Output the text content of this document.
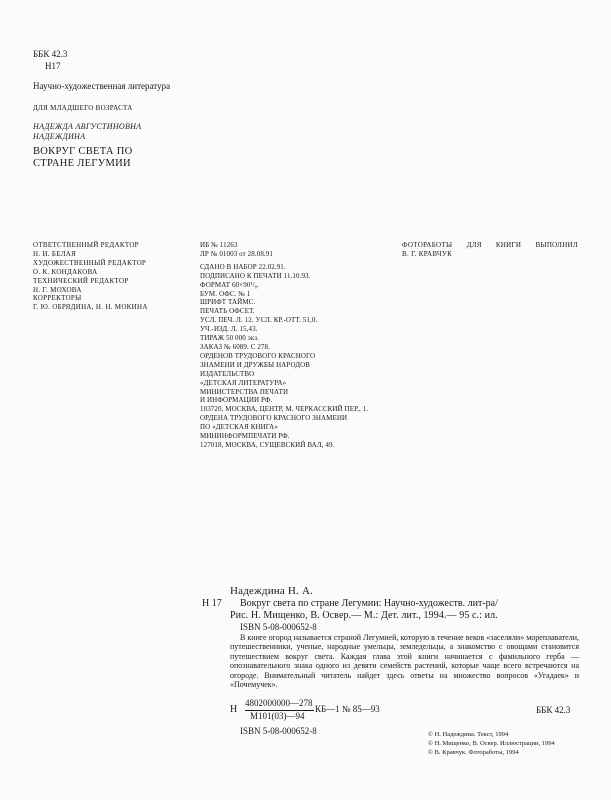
ББК 42.3
Н17
Научно-художественная литература
ДЛЯ МЛАДШЕГО ВОЗРАСТА
НАДЕЖДА АВГУСТИНОВНА НАДЕЖДИНА
ВОКРУГ СВЕТА ПО СТРАНЕ ЛЕГУМИИ
ОТВЕТСТВЕННЫЙ РЕДАКТОР
Н. И. БЕЛАЯ
ХУДОЖЕСТВЕННЫЙ РЕДАКТОР
О. К. КОНДАКОВА
ТЕХНИЧЕСКИЙ РЕДАКТОР
Н. Г. МОХОВА
КОРРЕКТОРЫ
Г. Ю. ОБРЯДИНА, Н. Н. МОКИНА
ИБ № 11263
ЛР № 01003 от 28.08.91
СДАНО В НАБОР 22.02.91.
ПОДПИСАНО К ПЕЧАТИ 11.10.93.
ФОРМАТ 60×90¹/₈.
БУМ. ОФС. № 1
ШРИФТ ТАЙМС.
ПЕЧАТЬ ОФСЕТ.
УСЛ. ПЕЧ. Л. 12. УСЛ. КР.-ОТТ. 51,0.
УЧ.-ИЗД. Л. 15,43.
ТИРАЖ 50 000 экз.
ЗАКАЗ № 6089. С 278.
ОРДЕНОВ ТРУДОВОГО КРАСНОГО
ЗНАМЕНИ И ДРУЖБЫ НАРОДОВ
ИЗДАТЕЛЬСТВО
«ДЕТСКАЯ ЛИТЕРАТУРА»
МИНИСТЕРСТВА ПЕЧАТИ
И ИНФОРМАЦИИ РФ.
103720, МОСКВА, ЦЕНТР, М. ЧЕРКАССКИЙ ПЕР., 1.
ОРДЕНА ТРУДОВОГО КРАСНОГО ЗНАМЕНИ
ПО «ДЕТСКАЯ КНИГА»
МИНИНФОРМПЕЧАТИ РФ.
127018, МОСКВА, СУЩЕВСКИЙ ВАЛ, 49.
ФОТОРАБОТЫ ДЛЯ КНИГИ ВЫПОЛНИЛ
В. Г. КРАВЧУК
Надеждина Н. А.
Н 17 Вокруг света по стране Легумии: Научно-художеств. лит-ра/
Рис. Н. Мищенко, В. Освер.— М.: Дет. лит., 1994.— 95 с.: ил.
ISBN 5-08-000652-8
В книге огород называется страной Легумией, которую в течение веков «заселяли» мореплаватели, путешественники, ученые, народные умельцы, земледельцы, а знакомство с овощами становится путешествием вокруг света. Каждая глава этой книги начинается с фамильного герба — опознавательного знака одного из девяти семейств растений, которые чаще всего встречаются на огороде. Внимательный читатель найдет здесь ответы на множество вопросов «Угадаек» и «Почемучек».
Н
4802000000—278
М101(03)—94
КБ—1 № 85—93	ББК 42.3
ISBN 5-08-000652-8	© Н. Надеждина. Текст, 1994
© Н. Мищенко, В. Освер. Иллюстрации, 1994
© В. Кравчук. Фотоработы, 1994
